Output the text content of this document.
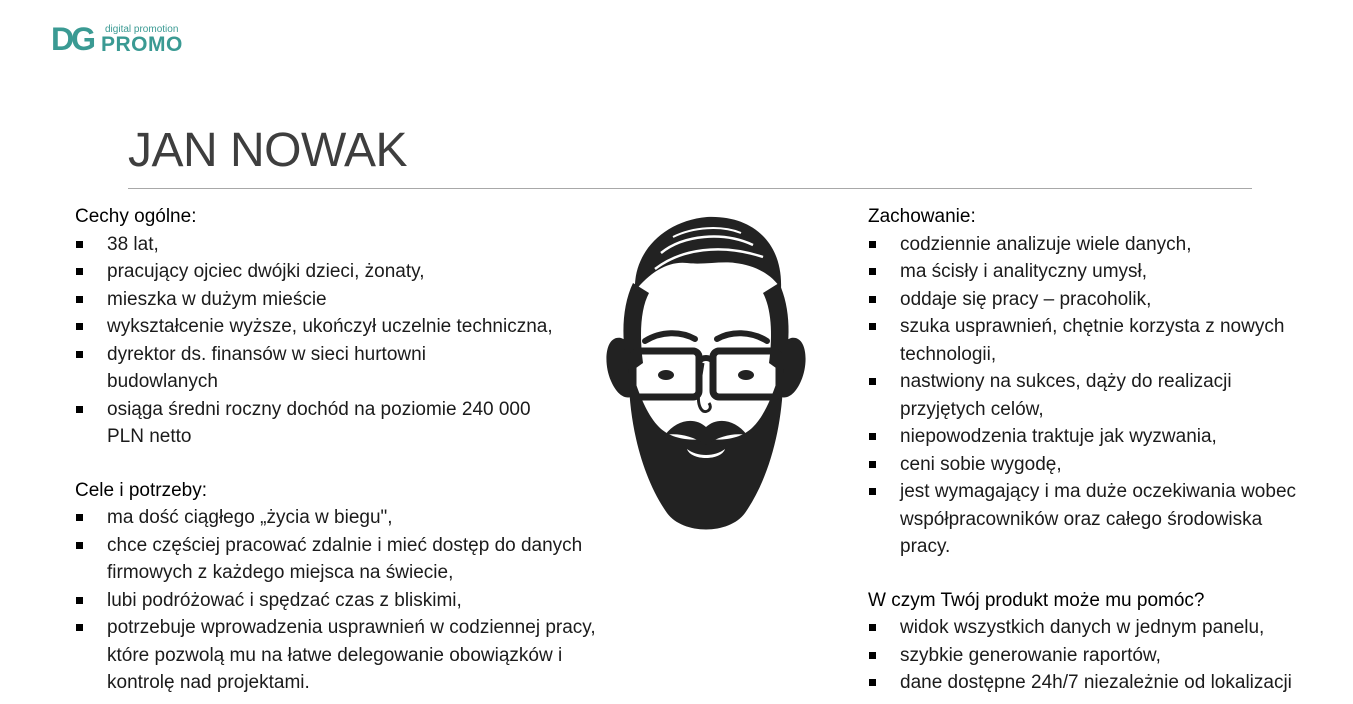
DG digital promotion
PROMO
JAN NOWAK
Cechy ogólne:
38 lat,
pracujący ojciec dwójki dzieci, żonaty,
mieszka w dużym mieście
wykształcenie wyższe, ukończył uczelnie techniczna,
dyrektor ds. finansów w sieci hurtowni budowlanych
osiąga średni roczny dochód na poziomie 240 000 PLN netto
Cele i potrzeby:
ma dość ciągłego „życia w biegu",
chce częściej pracować zdalnie i mieć dostęp do danych firmowych z każdego miejsca na świecie,
lubi podróżować i spędzać czas z bliskimi,
potrzebuje wprowadzenia usprawnień w codziennej pracy, które pozwolą mu na łatwe delegowanie obowiązków i kontrolę nad projektami.
Zachowanie:
codziennie analizuje wiele danych,
ma ścisły i analityczny umysł,
oddaje się pracy – pracoholik,
szuka usprawnień, chętnie korzysta z nowych technologii,
nastwiony na sukces, dąży do realizacji przyjętych celów,
niepowodzenia traktuje jak wyzwania,
ceni sobie wygodę,
jest wymagający i ma duże oczekiwania wobec współpracowników oraz całego środowiska pracy.
W czym Twój produkt może mu pomóc?
widok wszystkich danych w jednym panelu,
szybkie generowanie raportów,
dane dostępne 24h/7 niezależnie od lokalizacji
